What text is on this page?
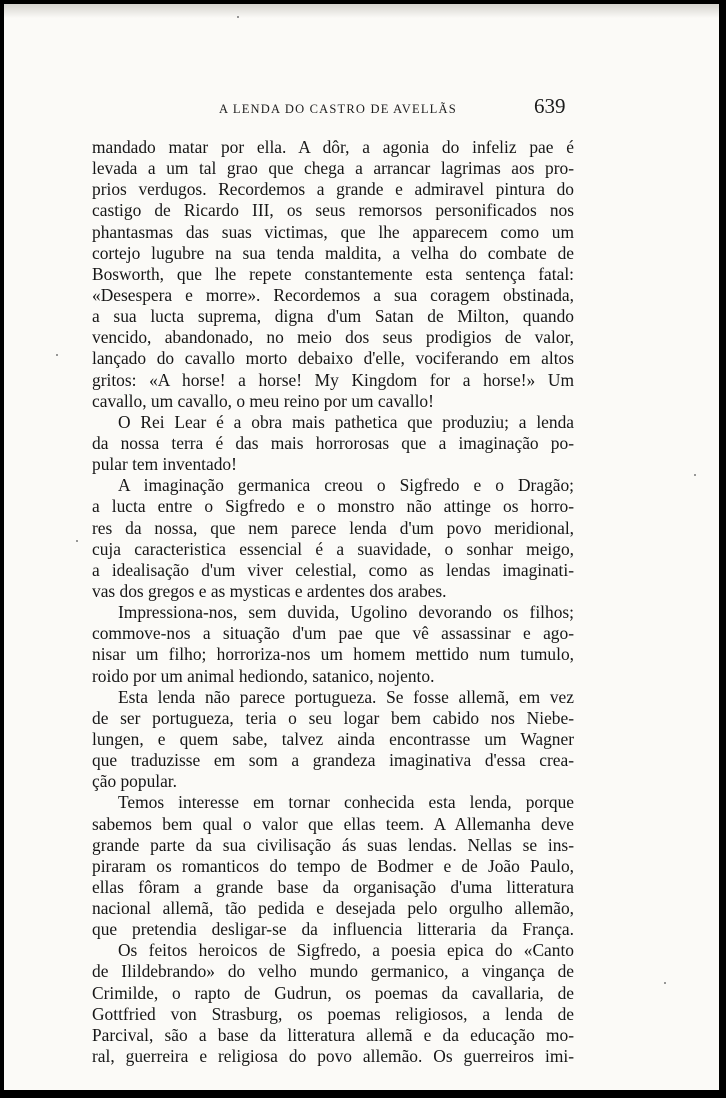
A LENDA DO CASTRO DE AVELLÃS	639
mandado matar por ella. A dôr, a agonia do infeliz pae é
levada a um tal grao que chega a arrancar lagrimas aos pro-
prios verdugos. Recordemos a grande e admiravel pintura do
castigo de Ricardo III, os seus remorsos personificados nos
phantasmas das suas victimas, que lhe apparecem como um
cortejo lugubre na sua tenda maldita, a velha do combate de
Bosworth, que lhe repete constantemente esta sentença fatal:
«Desespera e morre». Recordemos a sua coragem obstinada,
a sua lucta suprema, digna d'um Satan de Milton, quando
vencido, abandonado, no meio dos seus prodigios de valor,
lançado do cavallo morto debaixo d'elle, vociferando em altos
gritos: «A horse! a horse! My Kingdom for a horse!» Um
cavallo, um cavallo, o meu reino por um cavallo!
O Rei Lear é a obra mais pathetica que produziu; a lenda
da nossa terra é das mais horrorosas que a imaginação po-
pular tem inventado!
A imaginação germanica creou o Sigfredo e o Dragão;
a lucta entre o Sigfredo e o monstro não attinge os horro-
res da nossa, que nem parece lenda d'um povo meridional,
cuja caracteristica essencial é a suavidade, o sonhar meigo,
a idealisação d'um viver celestial, como as lendas imaginati-
vas dos gregos e as mysticas e ardentes dos arabes.
Impressiona-nos, sem duvida, Ugolino devorando os filhos;
commove-nos a situação d'um pae que vê assassinar e ago-
nisar um filho; horroriza-nos um homem mettido num tumulo,
roido por um animal hediondo, satanico, nojento.
Esta lenda não parece portugueza. Se fosse allemã, em vez
de ser portugueza, teria o seu logar bem cabido nos Niebe-
lungen, e quem sabe, talvez ainda encontrasse um Wagner
que traduzisse em som a grandeza imaginativa d'essa crea-
ção popular.
Temos interesse em tornar conhecida esta lenda, porque
sabemos bem qual o valor que ellas teem. A Allemanha deve
grande parte da sua civilisação ás suas lendas. Nellas se ins-
piraram os romanticos do tempo de Bodmer e de João Paulo,
ellas fôram a grande base da organisação d'uma litteratura
nacional allemã, tão pedida e desejada pelo orgulho allemão,
que pretendia desligar-se da influencia litteraria da França.
Os feitos heroicos de Sigfredo, a poesia epica do «Canto
de Ilildebrando» do velho mundo germanico, a vingança de
Crimilde, o rapto de Gudrun, os poemas da cavallaria, de
Gottfried von Strasburg, os poemas religiosos, a lenda de
Parcival, são a base da litteratura allemã e da educação mo-
ral, guerreira e religiosa do povo allemão. Os guerreiros imi-
